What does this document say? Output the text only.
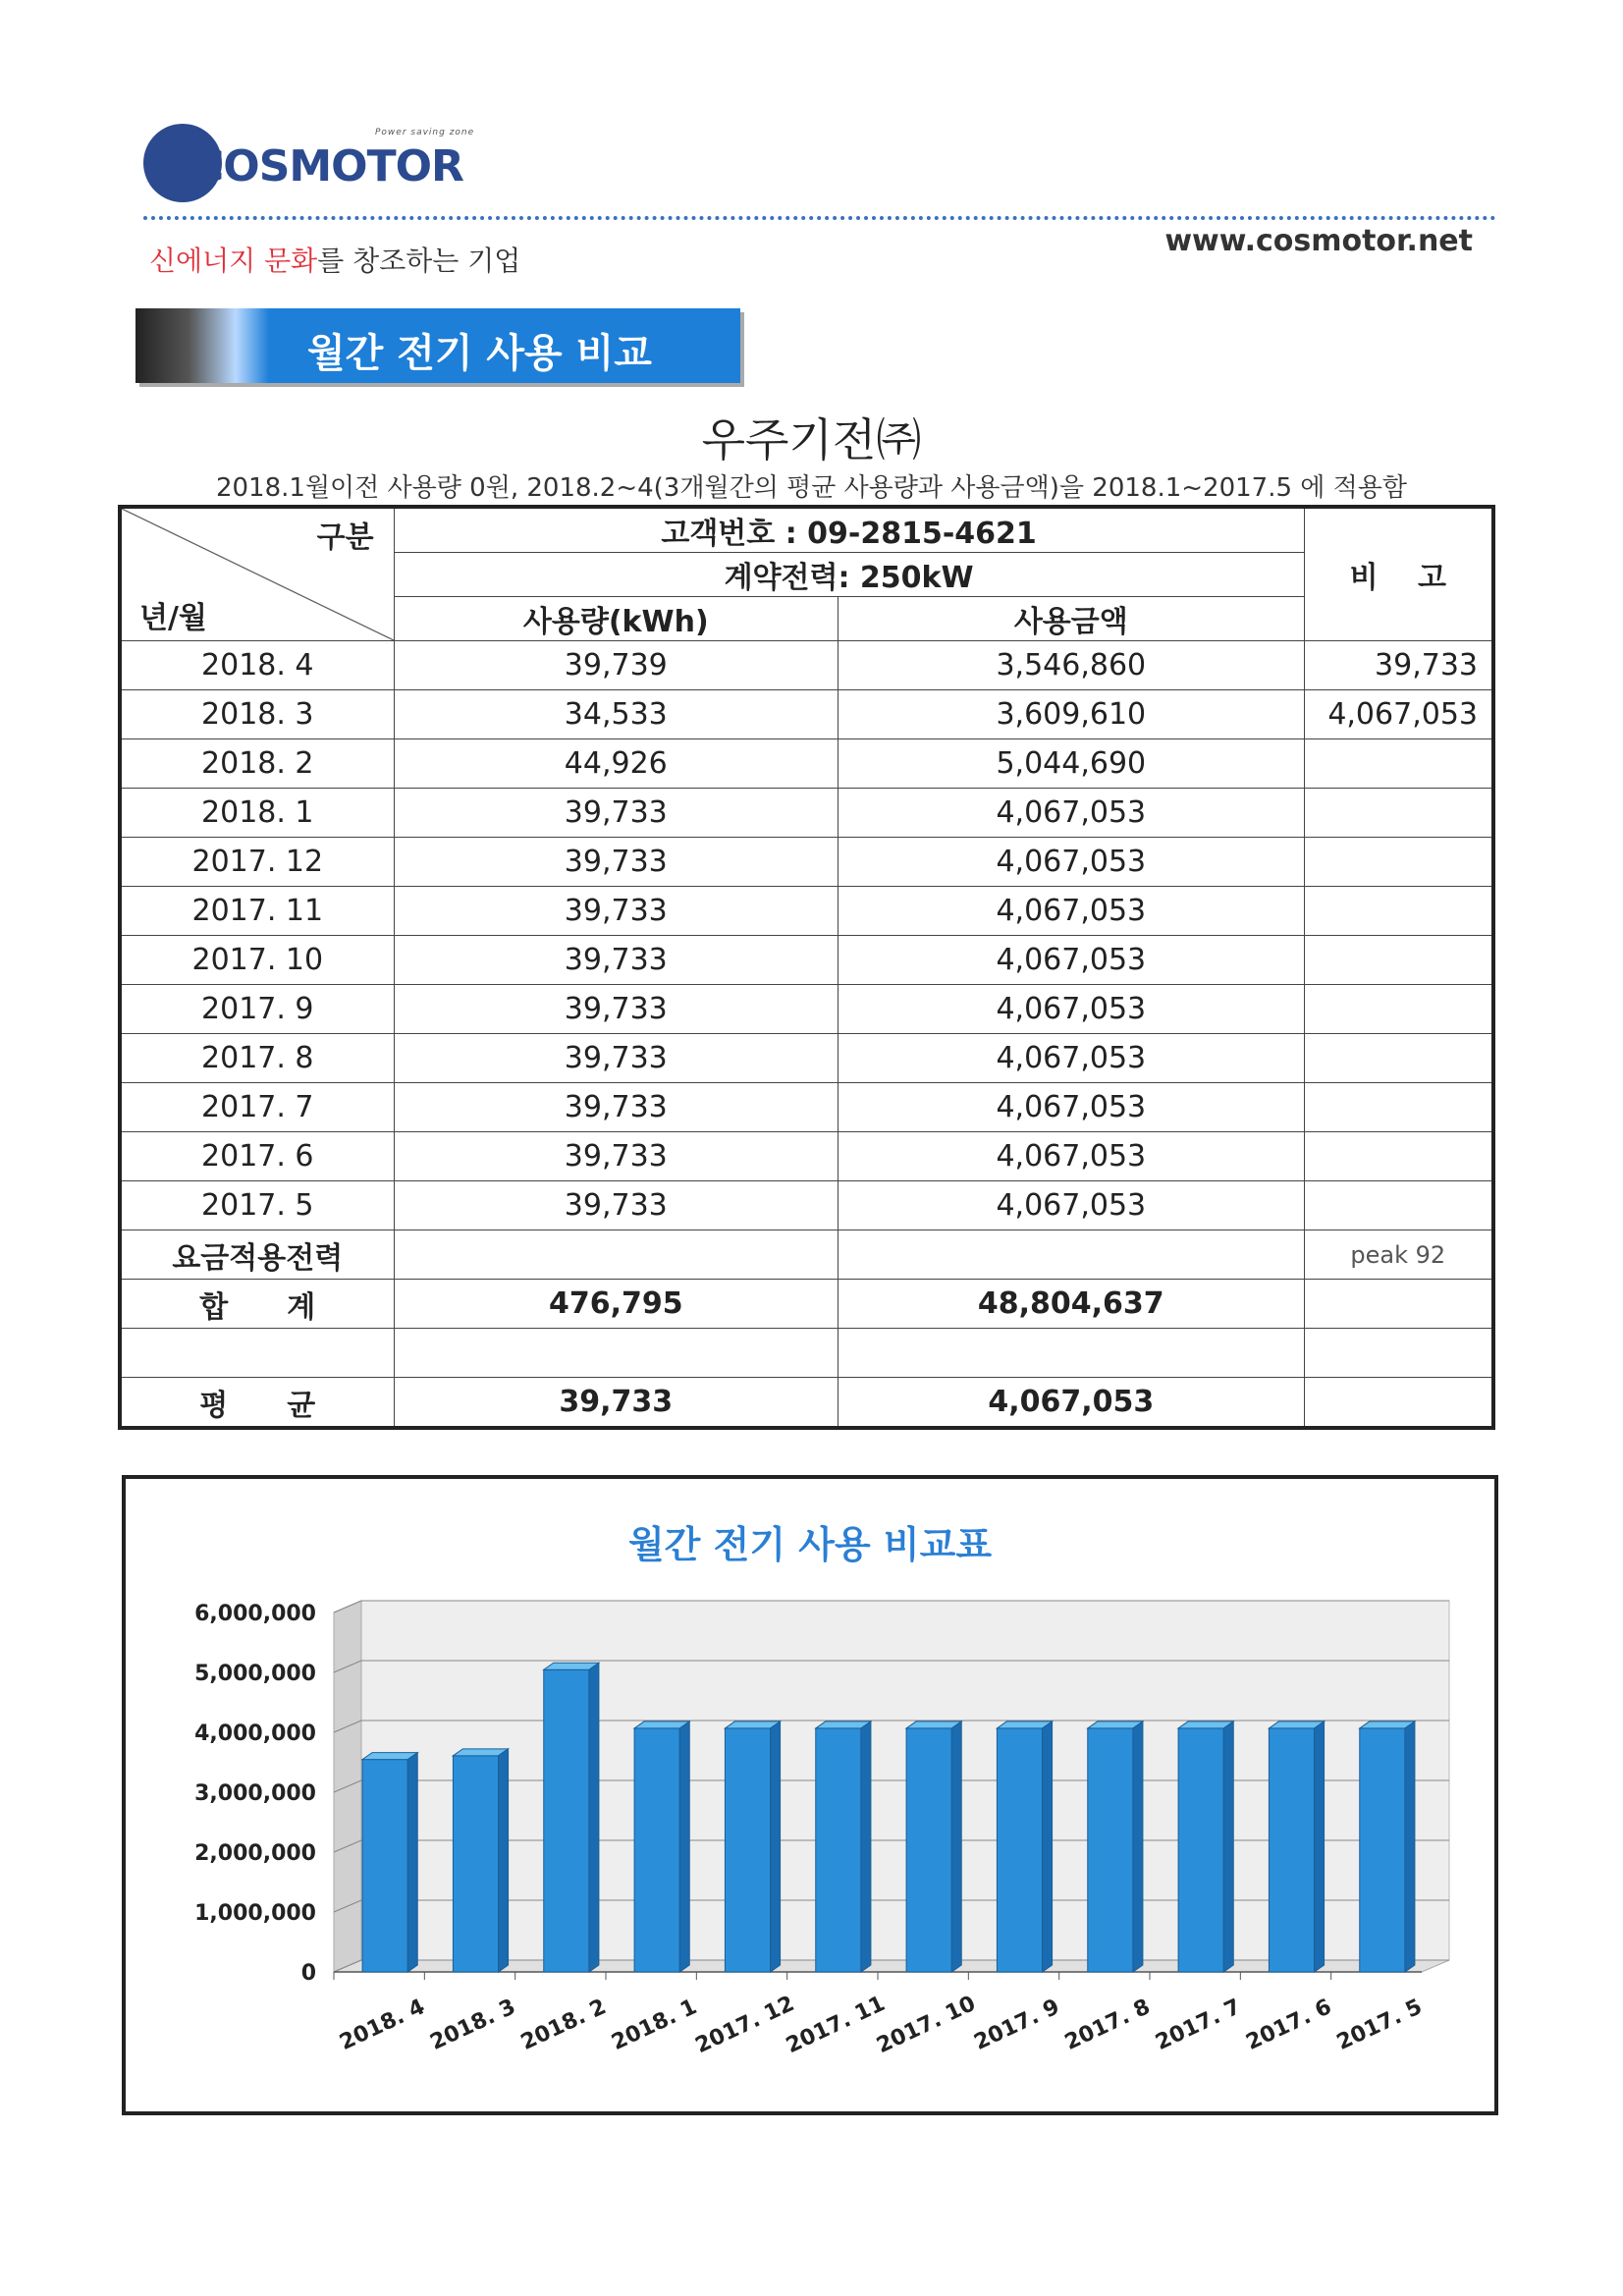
COSMOTOR
Power saving zone
신에너지 문화를 창조하는 기업
www.cosmotor.net
월간 전기 사용 비교
우주기전㈜
2018.1월이전 사용량 0원, 2018.2~4(3개월간의 평균 사용량과 사용금액)을 2018.1~2017.5 에 적용함
구분
년/월	고객번호 : 09-2815-4621		비　 고
	계약전력: 250kW		
	사용량(kWh)	사용금액	
2018. 4	39,739	3,546,860	39,733
2018. 3	34,533	3,609,610	4,067,053
2018. 2	44,926	5,044,690	
2018. 1	39,733	4,067,053	
2017. 12	39,733	4,067,053	
2017. 11	39,733	4,067,053	
2017. 10	39,733	4,067,053	
2017. 9	39,733	4,067,053	
2017. 8	39,733	4,067,053	
2017. 7	39,733	4,067,053	
2017. 6	39,733	4,067,053	
2017. 5	39,733	4,067,053	
요금적용전력			peak 92
합　　계	476,795	48,804,637	

평　　균	39,733	4,067,053	
월간 전기 사용 비교표
0
1,000,000
2,000,000
3,000,000
4,000,000
5,000,000
6,000,000
2018. 4
2018. 3
2018. 2
2018. 1
2017. 12
2017. 11
2017. 10
2017. 9
2017. 8
2017. 7
2017. 6
2017. 5
